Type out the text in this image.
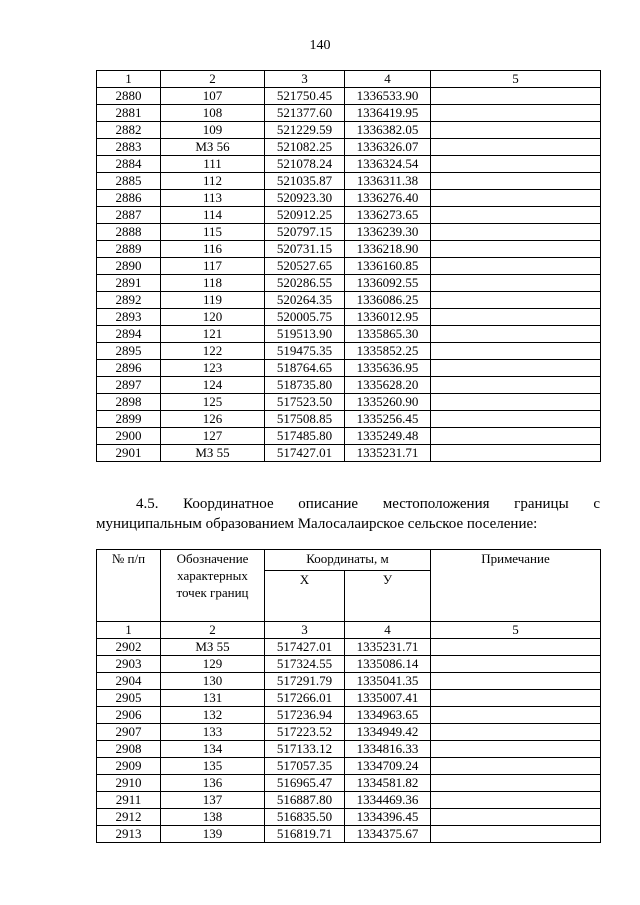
140
1	2	3	4	5
2880	107	521750.45	1336533.90	
2881	108	521377.60	1336419.95	
2882	109	521229.59	1336382.05	
2883	МЗ 56	521082.25	1336326.07	
2884	111	521078.24	1336324.54	
2885	112	521035.87	1336311.38	
2886	113	520923.30	1336276.40	
2887	114	520912.25	1336273.65	
2888	115	520797.15	1336239.30	
2889	116	520731.15	1336218.90	
2890	117	520527.65	1336160.85	
2891	118	520286.55	1336092.55	
2892	119	520264.35	1336086.25	
2893	120	520005.75	1336012.95	
2894	121	519513.90	1335865.30	
2895	122	519475.35	1335852.25	
2896	123	518764.65	1335636.95	
2897	124	518735.80	1335628.20	
2898	125	517523.50	1335260.90	
2899	126	517508.85	1335256.45	
2900	127	517485.80	1335249.48	
2901	МЗ 55	517427.01	1335231.71	
4.5. Координатное описание местоположения границы с
муниципальным образованием Малосалаирское сельское поселение:
№ п/п	Обозначение характерных точек границ	Координаты, м		Примечание
		X	У	
1	2	3	4	5
2902	МЗ 55	517427.01	1335231.71	
2903	129	517324.55	1335086.14	
2904	130	517291.79	1335041.35	
2905	131	517266.01	1335007.41	
2906	132	517236.94	1334963.65	
2907	133	517223.52	1334949.42	
2908	134	517133.12	1334816.33	
2909	135	517057.35	1334709.24	
2910	136	516965.47	1334581.82	
2911	137	516887.80	1334469.36	
2912	138	516835.50	1334396.45	
2913	139	516819.71	1334375.67	
